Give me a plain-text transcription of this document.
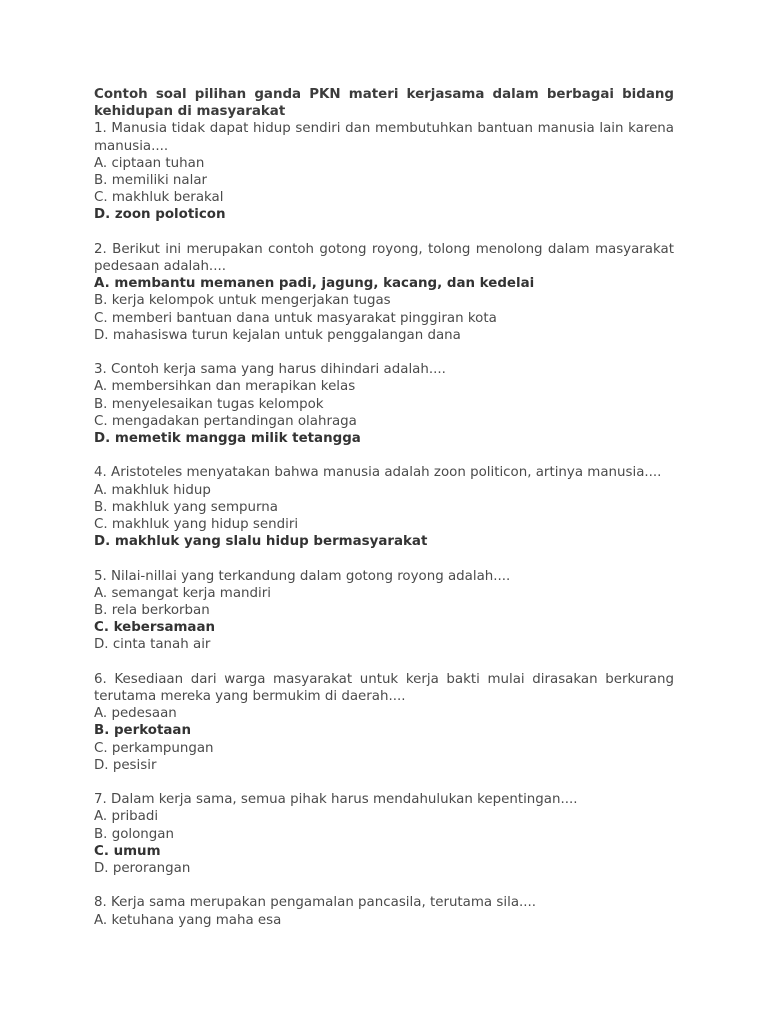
Contoh soal pilihan ganda PKN materi kerjasama dalam berbagai bidang kehidupan di masyarakat
1. Manusia tidak dapat hidup sendiri dan membutuhkan bantuan manusia lain karena manusia....
A. ciptaan tuhan
B. memiliki nalar
C. makhluk berakal
D. zoon poloticon
2. Berikut ini merupakan contoh gotong royong, tolong menolong dalam masyarakat pedesaan adalah....
A. membantu memanen padi, jagung, kacang, dan kedelai
B. kerja kelompok untuk mengerjakan tugas
C. memberi bantuan dana untuk masyarakat pinggiran kota
D. mahasiswa turun kejalan untuk penggalangan dana
3. Contoh kerja sama yang harus dihindari adalah....
A. membersihkan dan merapikan kelas
B. menyelesaikan tugas kelompok
C. mengadakan pertandingan olahraga
D. memetik mangga milik tetangga
4. Aristoteles menyatakan bahwa manusia adalah zoon politicon, artinya manusia....
A. makhluk hidup
B. makhluk yang sempurna
C. makhluk yang hidup sendiri
D. makhluk yang slalu hidup bermasyarakat
5. Nilai-nillai yang terkandung dalam gotong royong adalah....
A. semangat kerja mandiri
B. rela berkorban
C. kebersamaan
D. cinta tanah air
6. Kesediaan dari warga masyarakat untuk kerja bakti mulai dirasakan berkurang terutama mereka yang bermukim di daerah....
A. pedesaan
B. perkotaan
C. perkampungan
D. pesisir
7. Dalam kerja sama, semua pihak harus mendahulukan kepentingan....
A. pribadi
B. golongan
C. umum
D. perorangan
8. Kerja sama merupakan pengamalan pancasila, terutama sila....
A. ketuhana yang maha esa
